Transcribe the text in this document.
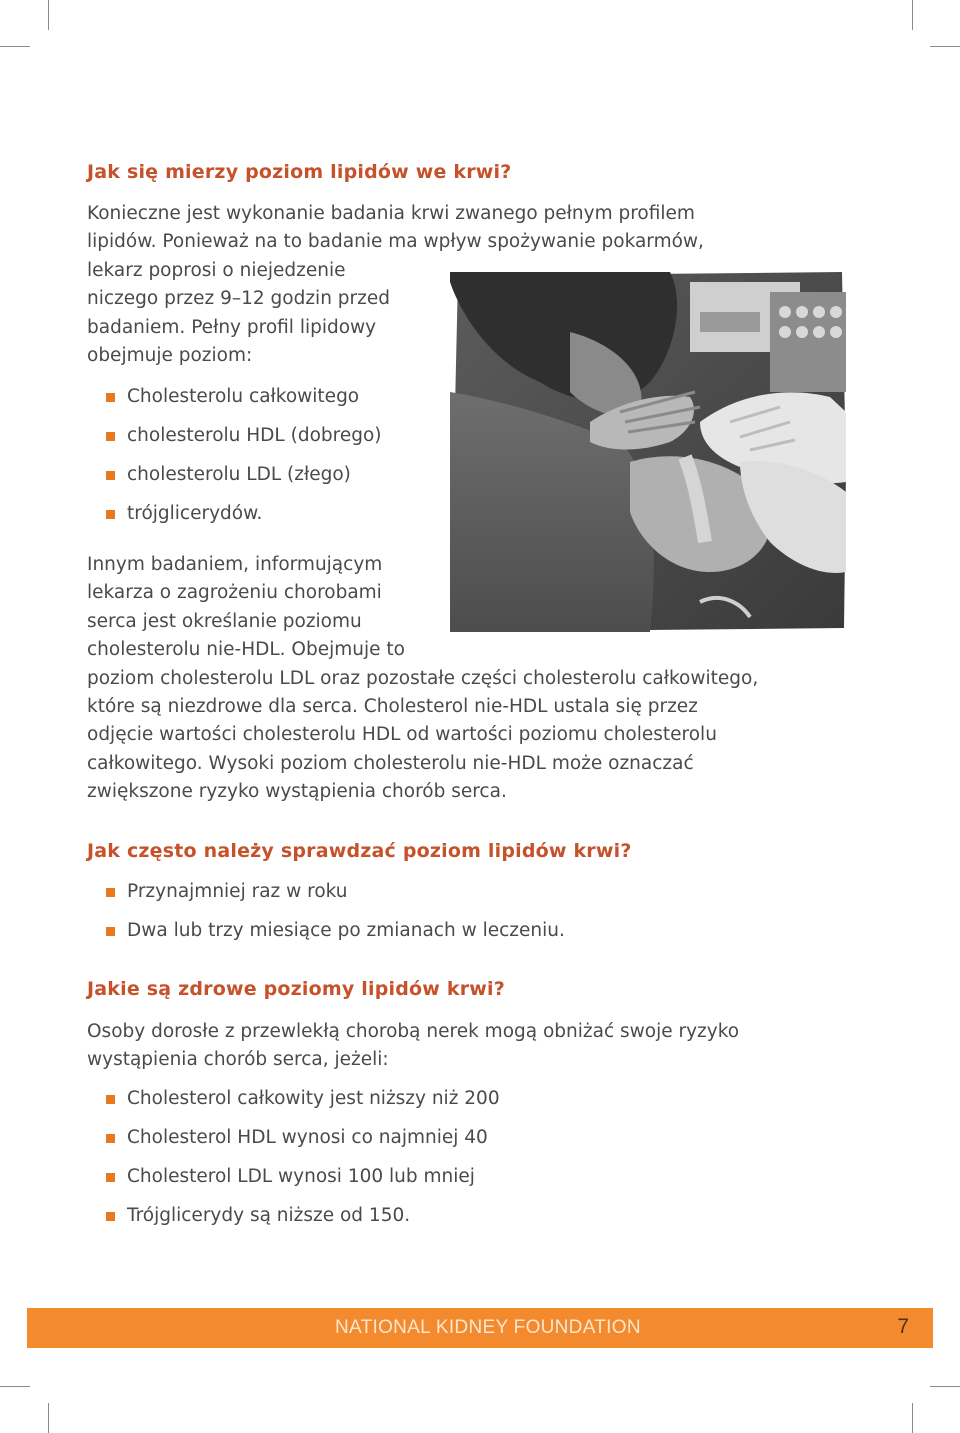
Jak się mierzy poziom lipidów we krwi?
Konieczne jest wykonanie badania krwi zwanego pełnym profilem
lipidów. Ponieważ na to badanie ma wpływ spożywanie pokarmów,
lekarz poprosi o niejedzenie
niczego przez 9–12 godzin przed
badaniem. Pełny profil lipidowy
obejmuje poziom:
Cholesterolu całkowitego
cholesterolu HDL (dobrego)
cholesterolu LDL (złego)
trójglicerydów.
Innym badaniem, informującym
lekarza o zagrożeniu chorobami
serca jest określanie poziomu
cholesterolu nie-HDL. Obejmuje to
poziom cholesterolu LDL oraz pozostałe części cholesterolu całkowitego,
które są niezdrowe dla serca. Cholesterol nie-HDL ustala się przez
odjęcie wartości cholesterolu HDL od wartości poziomu cholesterolu
całkowitego. Wysoki poziom cholesterolu nie-HDL może oznaczać
zwiększone ryzyko wystąpienia chorób serca.
Jak często należy sprawdzać poziom lipidów krwi?
Przynajmniej raz w roku
Dwa lub trzy miesiące po zmianach w leczeniu.
Jakie są zdrowe poziomy lipidów krwi?
Osoby dorosłe z przewlekłą chorobą nerek mogą obniżać swoje ryzyko
wystąpienia chorób serca, jeżeli:
Cholesterol całkowity jest niższy niż 200
Cholesterol HDL wynosi co najmniej 40
Cholesterol LDL wynosi 100 lub mniej
Trójglicerydy są niższe od 150.
NATIONAL KIDNEY FOUNDATION	7
